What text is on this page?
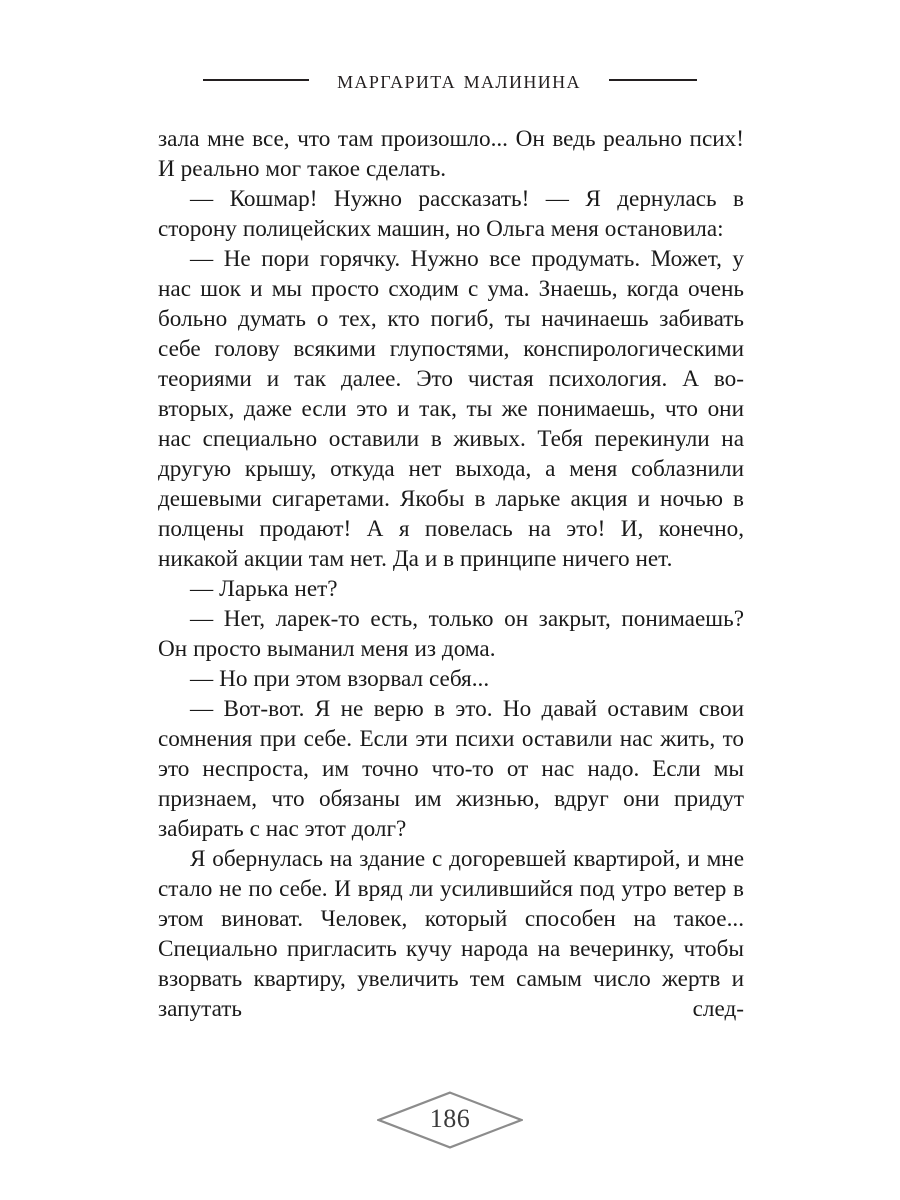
маргарита малинина

зала мне все, что там произошло... Он ведь реально псих! И реально мог такое сделать.

— Кошмар! Нужно рассказать! — Я дернулась в сторону полицейских машин, но Ольга меня остановила:

— Не пори горячку. Нужно все продумать. Может, у нас шок и мы просто сходим с ума. Знаешь, когда очень больно думать о тех, кто погиб, ты начинаешь забивать себе голову всякими глупостями, конспирологическими теориями и так далее. Это чистая психология. А во-вторых, даже если это и так, ты же понимаешь, что они нас специально оставили в живых. Тебя перекинули на другую крышу, откуда нет выхода, а меня соблазнили дешевыми сигаретами. Якобы в ларьке акция и ночью в полцены продают! А я повелась на это! И, конечно, никакой акции там нет. Да и в принципе ничего нет.

— Ларька нет?

— Нет, ларек-то есть, только он закрыт, понимаешь? Он просто выманил меня из дома.

— Но при этом взорвал себя...

— Вот-вот. Я не верю в это. Но давай оставим свои сомнения при себе. Если эти психи оставили нас жить, то это неспроста, им точно что-то от нас надо. Если мы признаем, что обязаны им жизнью, вдруг они придут забирать с нас этот долг?

Я обернулась на здание с догоревшей квартирой, и мне стало не по себе. И вряд ли усилившийся под утро ветер в этом виноват. Человек, который способен на такое... Специально пригласить кучу народа на вечеринку, чтобы взорвать квартиру, увеличить тем самым число жертв и запутать след-

186
